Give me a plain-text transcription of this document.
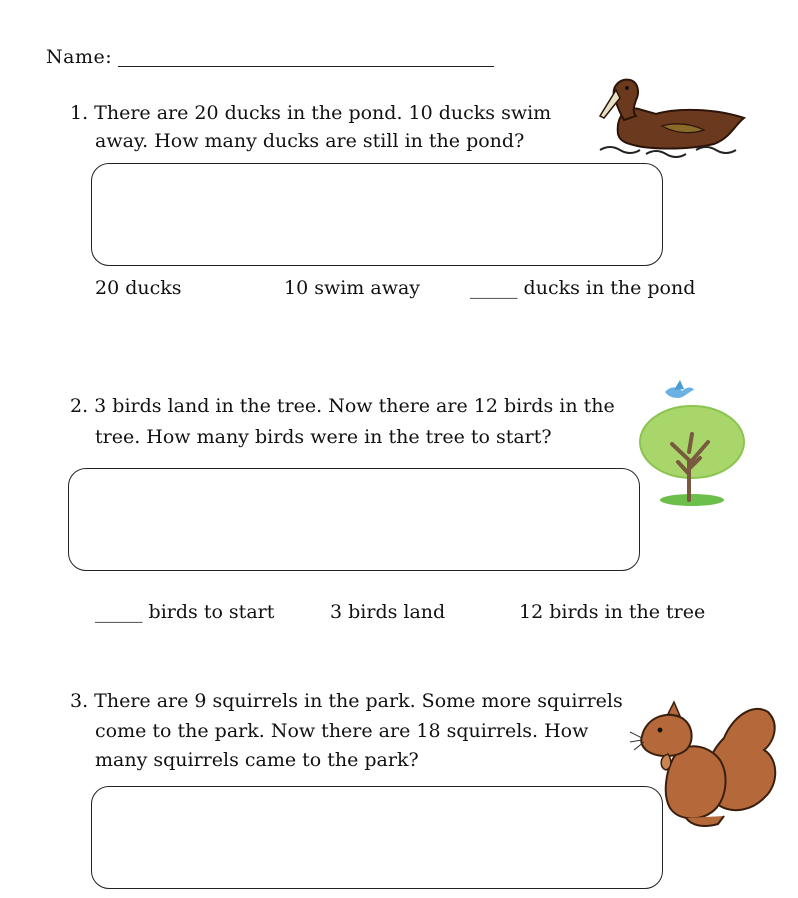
Name:
1. There are 20 ducks in the pond. 10 ducks swim
away. How many ducks are still in the pond?
20 ducks	10 swim away	_____ ducks in the pond
2. 3 birds land in the tree. Now there are 12 birds in the
tree. How many birds were in the tree to start?
_____ birds to start	3 birds land	12 birds in the tree
3. There are 9 squirrels in the park. Some more squirrels
come to the park. Now there are 18 squirrels. How
many squirrels came to the park?
